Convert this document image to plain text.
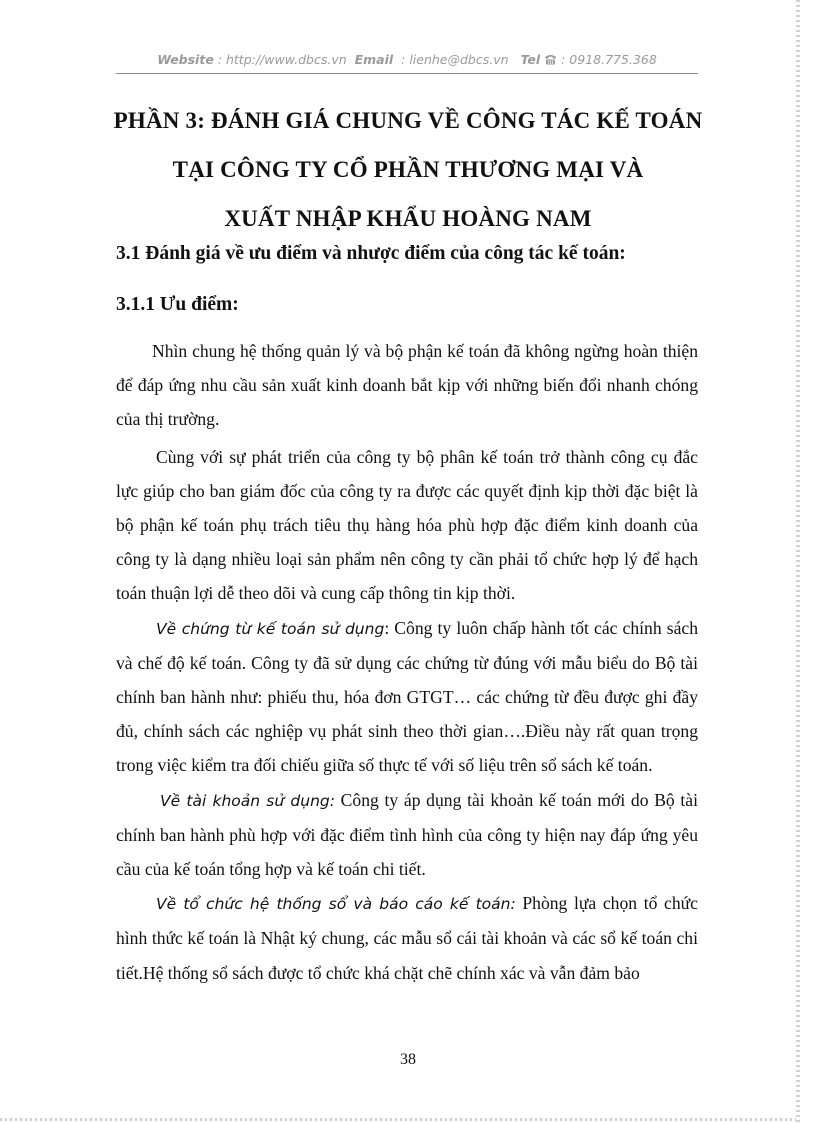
Website : http://www.dbcs.vn Email : lienhe@dbcs.vn Tel : 0918.775.368
PHẦN 3: ĐÁNH GIÁ CHUNG VỀ CÔNG TÁC KẾ TOÁN
TẠI CÔNG TY CỔ PHẦN THƯƠNG MẠI VÀ
XUẤT NHẬP KHẨU HOÀNG NAM
3.1 Đánh giá về ưu điểm và nhược điểm của công tác kế toán:
3.1.1 Ưu điểm:

Nhìn chung hệ thống quản lý và bộ phận kế toán đã không ngừng hoàn thiện để đáp ứng nhu cầu sản xuất kinh doanh bắt kịp với những biến đổi nhanh chóng của thị trường.

Cùng với sự phát triển của công ty bộ phân kế toán trở thành công cụ đắc lực giúp cho ban giám đốc của công ty ra được các quyết định kịp thời đặc biệt là bộ phận kế toán phụ trách tiêu thụ hàng hóa phù hợp đặc điểm kinh doanh của công ty là dạng nhiều loại sản phẩm nên công ty cần phải tổ chức hợp lý để hạch toán thuận lợi dễ theo dõi và cung cấp thông tin kịp thời.

Về chứng từ kế toán sử dụng: Công ty luôn chấp hành tốt các chính sách và chế độ kế toán. Công ty đã sử dụng các chứng từ đúng với mẫu biểu do Bộ tài chính ban hành như: phiếu thu, hóa đơn GTGT… các chứng từ đều được ghi đầy đủ, chính sách các nghiệp vụ phát sinh theo thời gian….Điều này rất quan trọng trong việc kiểm tra đối chiếu giữa số thực tế với số liệu trên sổ sách kế toán.

Về tài khoản sử dụng: Công ty áp dụng tài khoản kế toán mới do Bộ tài chính ban hành phù hợp với đặc điểm tình hình của công ty hiện nay đáp ứng yêu cầu của kế toán tổng hợp và kế toán chi tiết.

Về tổ chức hệ thống sổ và báo cáo kế toán: Phòng lựa chọn tổ chức hình thức kế toán là Nhật ký chung, các mẫu sổ cái tài khoản và các sổ kế toán chi tiết.Hệ thống sổ sách được tổ chức khá chặt chẽ chính xác và vẫn đảm bảo

38
